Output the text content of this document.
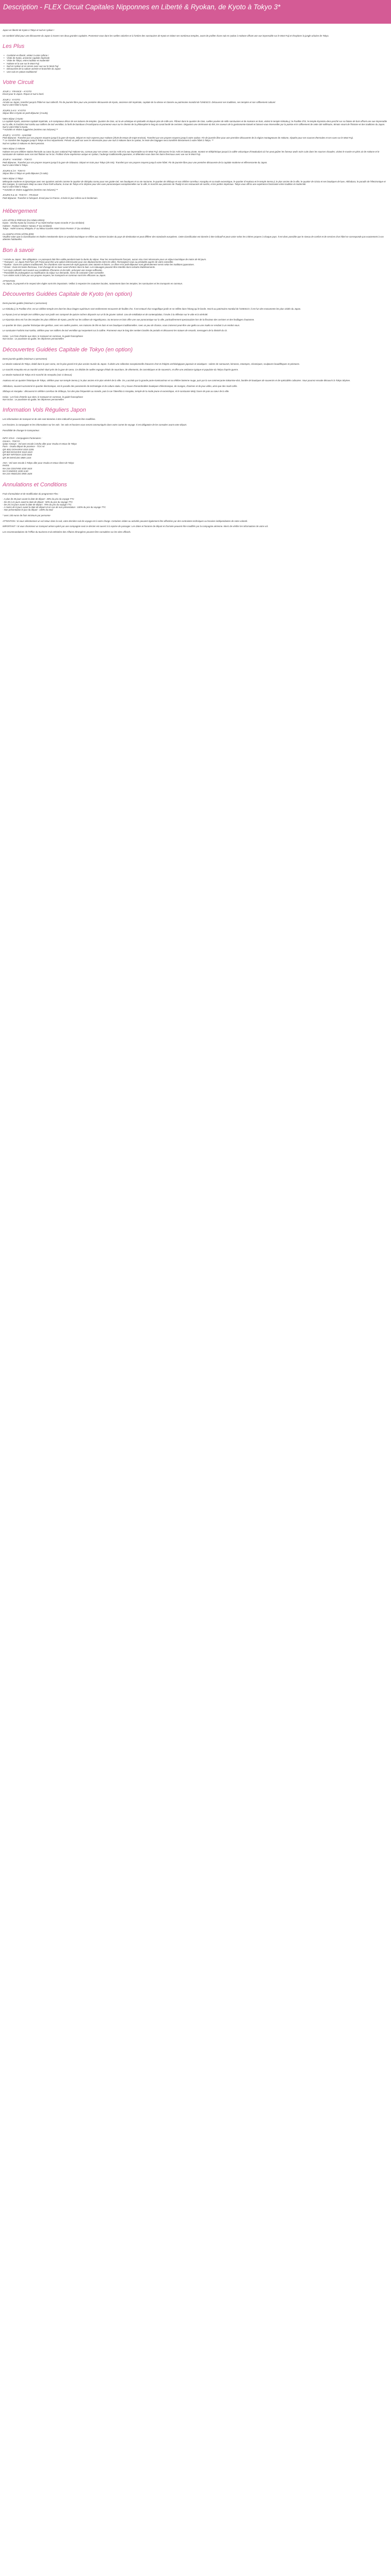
Description - FLEX Circuit Capitales Nipponnes en Liberté & Ryokan, de Kyoto à Tokyo 3*

Japon en liberté de Kyoto à Tokyo et nuit en ryokan !

Un combiné idéal pour une découverte du Japon à travers ses deux grandes capitales. Promenez-vous dans les ruelles colorées et à l'ombre des sanctuaires de Kyoto et visitez ses nombreux temples, avant de profiter d'une nuit en ryokan à Hakone offrant une vue imprenable sur le Mont Fuji et d'explorer la jungle urbaine de Tokyo.

Les Plus
• Combiné en liberté, visitez à votre rythme !
• Visite de Kyoto, ancienne capitale impériale
• Visite de Tokyo, entre tradition et modernité
• Hakone et la vue sur le Mont Fuji
• Nuit en ryokan et en onsen avec vue sur le Mont Fuji
• Découverte de la culture animée et branchée du Japon
• Une nuit en ryokan traditionnel
Votre Circuit

JOUR 1 : FRANCE – KYOTO

Envol pour le Japon. Repas et nuit à bord.

JOUR 2 : KYOTO

Arrivée au Japon, transfert jusqu'à l'hôtel en taxi collectif. Fin de journée libre pour une première découverte de Kyoto, ancienne cité impériale, capitale de la vitesse et classée au patrimoine mondial de l'UNESCO. Découvrez ses traditions, ses temples et son raffinement culturel.

Nuit à votre hôtel à Kyoto.

JOURS 3 et 5 : KYOTO

Séjour libre à Kyoto en petit déjeuner (3 nuits).

Votre Séjour à Kyoto

La capitale Kyoto, ancienne capitale impériale, a le somptueux décor de ses toitures de temples. Quartier de Gion, où la vie artistique et spirituelle vit depuis plus de mille ans. Flânez dans le quartier de Gion, ruelles pavées de mille sanctuaires et de maisons en bois, visitez le temple Kinkaku-ji, le Pavillon d'Or, le temple Kiyomizu-dera perché sur sa falaise de bois offrant une vue imprenable sur la ville, le Fushimi Inari-taisha aux milliers de torii vermillon, la forêt de bambous d'Arashiyama et promenez-vous sur le chemin de la philosophie le long du canal bordé de cerisiers. Dégustez une cérémonie du thé, les saveurs de la gastronomie kaiseki et laissez-vous émerveiller par la poésie et le raffinement de cette cité millénaire, témoin vivant de l'histoire et des traditions du Japon.

Nuit à votre hôtel à Kyoto.

**Activités et Visites suggérées (entrées non incluses) **

JOUR 5 : KYOTO - HAKONE

Petit déjeuner. Transfert par vos propres moyens jusqu'à la gare de Kyoto. Départ en train express pour Hakone (2h20 de temps de trajet environ). Transfert par vos propres moyens jusqu'à votre ryokan. Fin de journée libre pour une première découverte de la région montagneuse de Hakone, réputée pour ses sources thermales et ses vues sur le Mont Fuji.

** Le transfert des bagages jusqu'à Tokyo se fera séparément. Prévoir un petit sac avec le nécessaire pour une nuit à Hakone dans le ryokan, le reste des bagages sera transféré directement à votre hôtel à Tokyo. **

Nuit en ryokan à Hakone en demi-pension.

Votre Séjour à Hakone

Hakone est une célèbre station thermale au cœur du parc national Fuji-Hakone-Izu, connue pour ses onsen, son lac Ashi et la vue imprenable sur le Mont Fuji. Découvrez le lac Ashi en bateau pirate, montez en téléphérique jusqu'à la vallée volcanique d'Owakudani où l'on peut goûter les fameux œufs noirs cuits dans les sources chaudes, visitez le musée en plein air de Hakone et le sanctuaire de Hakone avec son torii flottant sur le lac. Profitez d'une expérience unique en ryokan, l'auberge traditionnelle japonaise, et détendez-vous dans les bains thermaux avec vue sur le Mont Fuji.

JOUR 6 : HAKONE – TOKYO

Petit déjeuner. Transfert par vos propres moyens jusqu'à la gare de Odawara. Départ en train pour Tokyo (45 min). Transfert par vos propres moyens jusqu'à votre hôtel. Fin de journée libre pour une première découverte de la capitale moderne et effervescente du Japon.

Nuit à votre hôtel à Tokyo.

JOURS 6 à 9 : TOKYO

Séjour libre à Tokyo en petit déjeuner (3 nuits).

Votre Séjour à Tokyo

Métropole moderne et dynamique avec ses quartiers animés comme le quartier de Shinjuku connu pour ses gratte-ciel, ses boutiques et sa vie nocturne, le quartier de Shibuya et son célèbre carrefour, Harajuku et sa mode excentrique, le quartier d'Asakusa et le temple Senso-ji, le plus ancien de la ville, le quartier de Ginza et ses boutiques de luxe, Akihabara, le paradis de l'électronique et des mangas, le sanctuaire Meiji au cœur d'une forêt urbaine, la tour de Tokyo et le Skytree pour des vues panoramiques exceptionnelles sur la ville, le marché aux poissons de Tsukiji et ses restaurants de sushis, et les jardins impériaux. Tokyo vous offrira une expérience fascinante entre tradition et modernité.

Nuit à votre hôtel à Tokyo.

**Activités et Visites suggérées (entrées non incluses) **

JOURS 9 & 10 : TOKYO – FRANCE

Petit déjeuner. Transfert à l'aéroport. Envol pour la France. Arrivée le jour même ou le lendemain.

Hébergement

LES HÔTELS PRÉVUS (OU SIMILAIRES)

Kyoto : Vischio Kyoto by Granvia 3* ou Hotel Keihan Kyoto Grande 3* (ou similaire)

Hakone : Ryokan Hakone Yutowa 3* (ou similaire)

Tokyo : Hotel Gracery Shinjuku 3* ou Mitsui Garden Hotel Ginza Premier 3* (ou similaire)

CLASSIFICATION HÔTELIÈRE

Veuillez noter que la classification en étoiles mentionnée dans ce produit touristique se réfère aux normes locales du pays de destination et peut différer des standards européens. Cette classification est donnée à titre indicatif et peut varier selon les critères propres à chaque pays. Il est donc possible que le niveau de confort et de services d'un hôtel ne corresponde pas exactement à vos attentes habituelles.

Bon à savoir

* Arrivée au Japon : titre obligatoire. Le passeport doit être valide pendant toute la durée du séjour. Pour les ressortissants français, aucun visa n'est nécessaire pour un séjour touristique de moins de 90 jours.

* Transport : Le Japan Rail Pass (JR Pass) peut être une option intéressante pour vos déplacements entre les villes. Renseignez-vous au préalable auprès de votre conseiller.

* Ryokan : Dans les ryokans traditionnels, les chambres sont souvent de style japonais avec tatamis et futons. Le dîner et le petit-déjeuner sont généralement servis selon les traditions japonaises.

* Onsen : Dans les bains thermaux, il est d'usage de se laver avant d'entrer dans le bain. Les tatouages peuvent être interdits dans certains établissements.

* Les taxis collectifs sont soumis aux conditions d'horaires et de trafic, prévoyez une marge suffisante.

* Possibilité de prolongation ou modification du séjour sur demande, merci de contacter votre conseiller.

* Les visites sont à faire par vos propres moyens, les transports en commun sont très efficaces au Japon.

ATTENTION

Au Japon, la propreté et le respect des règles sont très importants. Veillez à respecter les coutumes locales, notamment dans les temples, les sanctuaires et les transports en commun.

Découvertes Guidées Capitale de Kyoto (en option)

Demi-journée guidée (minimum 2 personnes)

Le Kinkaku-ji, le Pavillon d'Or, est un célèbre temple zen dont les deux étages supérieurs sont entièrement recouverts de feuilles d'or. Il est entouré d'un magnifique jardin et se reflète dans l'étang qui le borde. Inscrit au patrimoine mondial de l'UNESCO, il est l'un des monuments les plus visités du Japon.

Le Ryoan-ji est un temple zen célèbre pour son jardin sec composé de quinze rochers disposés sur un lit de gravier ratissé. Lieu de méditation et de contemplation, il invite à la réflexion sur le vide et la sérénité.

Le Kiyomizu-dera est l'un des temples les plus célèbres de Kyoto, perché sur les collines de Higashiyama. Sa terrasse en bois offre une vue panoramique sur la ville, particulièrement spectaculaire lors de la floraison des cerisiers et des feuillages d'automne.

Le quartier de Gion, quartier historique des geishas, avec ses ruelles pavées, ses maisons de thé en bois et ses boutiques traditionnelles. Avec un peu de chance, vous croiserez peut-être une geiko ou une maiko se rendant à un rendez-vous.

Le sanctuaire Fushimi Inari-taisha, célèbre pour ses milliers de torii vermillon qui serpentent sur la colline. Promenez-vous le long des sentiers bordés de portails et découvrez les statues de renards, messagers de la divinité du riz.

Inclus : Les frais d'entrée aux sites, le transport en commun, le guide francophone

Non inclus : Le pourboire du guide, les dépenses personnelles

Découvertes Guidées Capitale de Tokyo (en option)

Demi-journée guidée (minimum 2 personnes)

Le Musée national de Tokyo, établi dans le parc Ueno, est le plus grand et le plus ancien musée du Japon. Il abrite une collection exceptionnelle d'œuvres d'art et d'objets archéologiques japonais et asiatiques : sabres de samouraïs, kimonos, estampes, céramiques, sculptures bouddhiques et peintures.

Le marché Ameyoko est un marché animé situé près de la gare de Ueno. Ce dédale de ruelles regorge d'étals de nourriture, de vêtements, de cosmétiques et de souvenirs, et offre une ambiance typique et populaire du Tokyo d'après-guerre.

Le Musée National de Tokyo et le marché de Ameyoko (voir ci-dessus)

Asakusa est un quartier historique de Tokyo, célèbre pour son temple Senso-ji, le plus ancien et le plus vénéré de la ville. On y accède par la grande porte Kaminarimon et sa célèbre lanterne rouge, puis par la rue commerçante Nakamise-dori, bordée de boutiques de souvenirs et de spécialités culinaires. Vous pourrez ensuite découvrir la Tokyo Skytree.

Akihabara, souvent surnommé le quartier électronique, est le paradis des passionnés de technologie et de culture otaku. On y trouve d'innombrables boutiques d'électronique, de mangas, d'animes et de jeux vidéo, ainsi que des maid cafés.

Shibuya et Harajuku : découvrez le célèbre carrefour de Shibuya, l'un des plus fréquentés au monde, puis la rue Takeshita à Harajuku, temple de la mode jeune et excentrique, et le sanctuaire Meiji, havre de paix au cœur de la ville.

Inclus : Les frais d'entrée aux sites, le transport en commun, le guide francophone

Non inclus : Le pourboire du guide, les dépenses personnelles

Information Vols Réguliers Japon

Les informations de transport et de vols sont données à titre indicatif et peuvent être modifiées.

Les horaires, la compagnie et les informations sur les vols : les vols et horaires vous seront communiqués dans votre carnet de voyage. Il est obligatoire de les consulter avant votre départ.

Possibilité de changer le transporteur.

INFO VOLS - Compagnies Partenaires :

OSAKA - TOKYO

Qatar Airways : Vol avec escale à Doha aller pour Osaka et retour de Tokyo

Paris - Osaka départ de province - TGV Air

QR 4012 DOHA/KIX 0315 2205

QR 803 DOHA/KIX 0110 1615

QR 807 NRT/DOH 2220 0440

QR 39 DOH/CDG 0805 1315

ANA : Vol sans escale à Tokyo aller pour Osaka et retour direct de Tokyo

PARIS

NH 216 CDG/HND 1030 1615

NH 9 HND/KIX 1030 1130

NH 215 HND/CDG 0945 1625

Annulations et Conditions

Frais d'annulation et de modification du programme Flex :

- A plus de 30 jours avant la date de départ : 30% du prix du voyage TTC

- De 30 à 21 jours avant la date de départ : 50% du prix du voyage TTC

- De 20 à 8 jours avant la date de départ : 75% du prix du voyage TTC

- A moins de 8 jours avant la date de départ et en cas de non présentation : 100% du prix du voyage TTC

- Non présentation le jour du départ : 100% du total

* avec 150 euros de frais minimum par personne

ATTENTION ! Si vous sélectionnez un vol retour dans la nuit, votre dernière nuit de voyage est à votre charge. Certaines visites ou activités peuvent également être affectées par des contraintes techniques ou horaires indépendantes de notre volonté.

IMPORTANT ! Si vous choisissez un transport aérien opéré par une compagnie seul ce dernier est ouvert à la reprise de passager. Les dates et horaires de départ et d'arrivée peuvent être modifiés par la compagnie aérienne. Merci de vérifier les informations de votre vol.

Les recommandations de l'Office du tourisme et du Ministère des Affaires Étrangères peuvent être consultées sur les sites officiels.
